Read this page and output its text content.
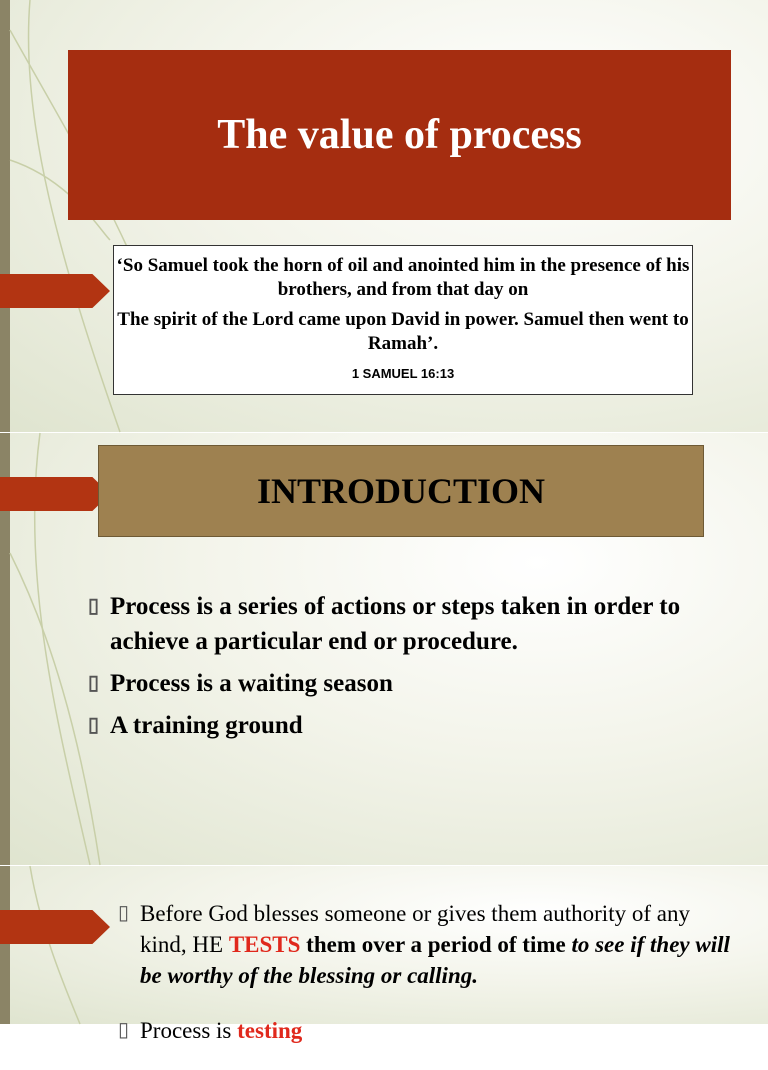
The value of process

‘So Samuel took the horn of oil and anointed him in the presence of his brothers, and from that day on

The spirit of the Lord came upon David in power. Samuel then went to Ramah’.

1 SAMUEL 16:13

INTRODUCTION
▯ Process is a series of actions or steps taken in order to achieve a particular end or procedure.
▯ Process is a waiting season
▯ A training ground
▯ Before God blesses someone or gives them authority of any kind, HE TESTS them over a period of time to see if they will be worthy of the blessing or calling.
▯ Process is testing
